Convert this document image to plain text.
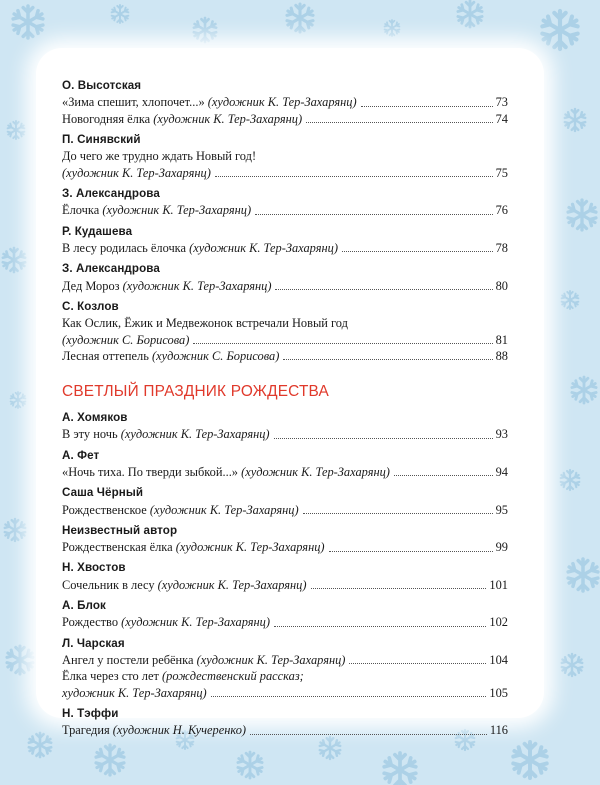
О. Высотская
«Зима спешит, хлопочет...» (художник К. Тер-Захарянц)	73
Новогодняя ёлка (художник К. Тер-Захарянц)	74
П. Синявский
До чего же трудно ждать Новый год!
(художник К. Тер-Захарянц)	75
З. Александрова
Ёлочка (художник К. Тер-Захарянц)	76
Р. Кудашева
В лесу родилась ёлочка (художник К. Тер-Захарянц)	78
З. Александрова
Дед Мороз (художник К. Тер-Захарянц)	80
С. Козлов
Как Ослик, Ёжик и Медвежонок встречали Новый год
(художник С. Борисова)	81
Лесная оттепель (художник С. Борисова)	88
СВЕТЛЫЙ ПРАЗДНИК РОЖДЕСТВА
А. Хомяков
В эту ночь (художник К. Тер-Захарянц)	93
А. Фет
«Ночь тиха. По тверди зыбкой...» (художник К. Тер-Захарянц)	94
Саша Чёрный
Рождественское (художник К. Тер-Захарянц)	95
Неизвестный автор
Рождественская ёлка (художник К. Тер-Захарянц)	99
Н. Хвостов
Сочельник в лесу (художник К. Тер-Захарянц)	101
А. Блок
Рождество (художник К. Тер-Захарянц)	102
Л. Чарская
Ангел у постели ребёнка (художник К. Тер-Захарянц)	104
Ёлка через сто лет (рождественский рассказ;
художник К. Тер-Захарянц)	105
Н. Тэффи
Трагедия (художник Н. Кучеренко)	116
